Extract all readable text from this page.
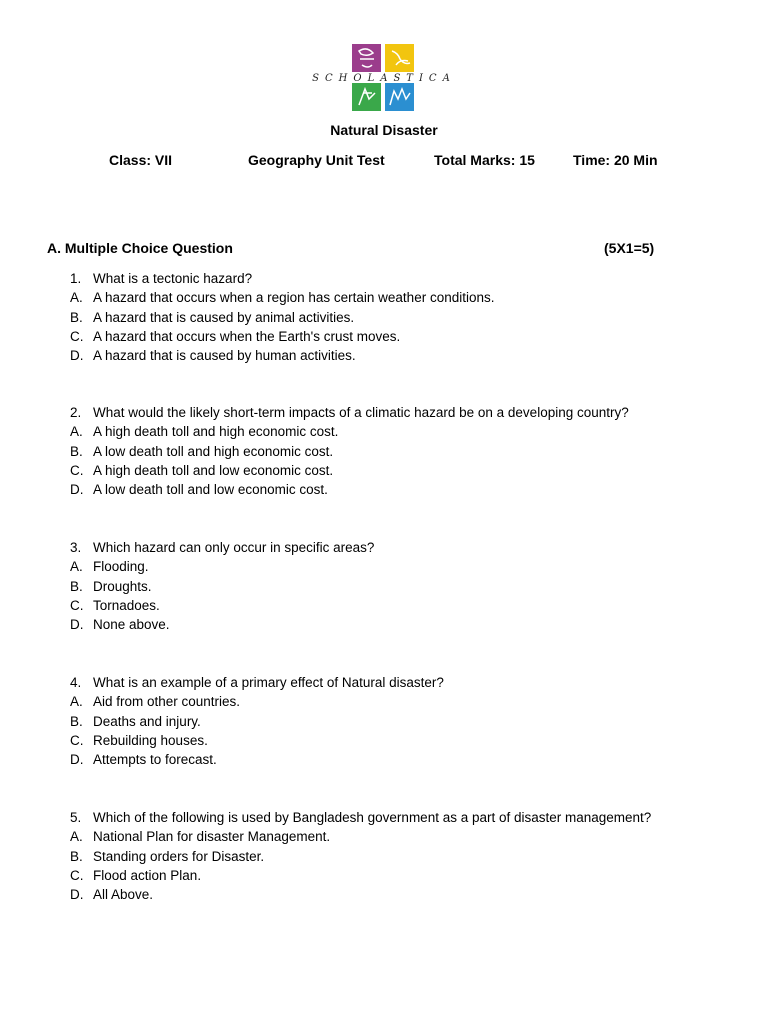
SCHOLASTICA
Natural Disaster
Class: VII	Geography Unit Test	Total Marks: 15	Time: 20 Min
A. Multiple Choice Question	(5X1=5)
1. What is a tectonic hazard?
A. A hazard that occurs when a region has certain weather conditions.
B. A hazard that is caused by animal activities.
C. A hazard that occurs when the Earth's crust moves.
D. A hazard that is caused by human activities.
2. What would the likely short-term impacts of a climatic hazard be on a developing country?
A. A high death toll and high economic cost.
B. A low death toll and high economic cost.
C. A high death toll and low economic cost.
D. A low death toll and low economic cost.
3. Which hazard can only occur in specific areas?
A. Flooding.
B. Droughts.
C. Tornadoes.
D. None above.
4. What is an example of a primary effect of Natural disaster?
A. Aid from other countries.
B. Deaths and injury.
C. Rebuilding houses.
D. Attempts to forecast.
5. Which of the following is used by Bangladesh government as a part of disaster management?
A. National Plan for disaster Management.
B. Standing orders for Disaster.
C. Flood action Plan.
D. All Above.
